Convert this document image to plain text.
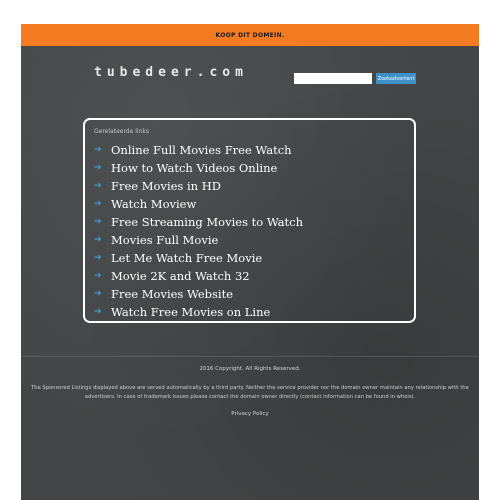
KOOP DIT DOMEIN.
tubedeer.com	Zoekadvertent
Gerelateerde links
➔ Online Full Movies Free Watch
➔ How to Watch Videos Online
➔ Free Movies in HD
➔ Watch Moview
➔ Free Streaming Movies to Watch
➔ Movies Full Movie
➔ Let Me Watch Free Movie
➔ Movie 2K and Watch 32
➔ Free Movies Website
➔ Watch Free Movies on Line
2016 Copyright. All Rights Reserved.
The Sponsored Listings displayed above are served automatically by a third party. Neither the service provider nor the domain owner maintain any relationship with the advertisers. In case of trademark issues please contact the domain owner directly (contact information can be found in whois).
Privacy Policy
